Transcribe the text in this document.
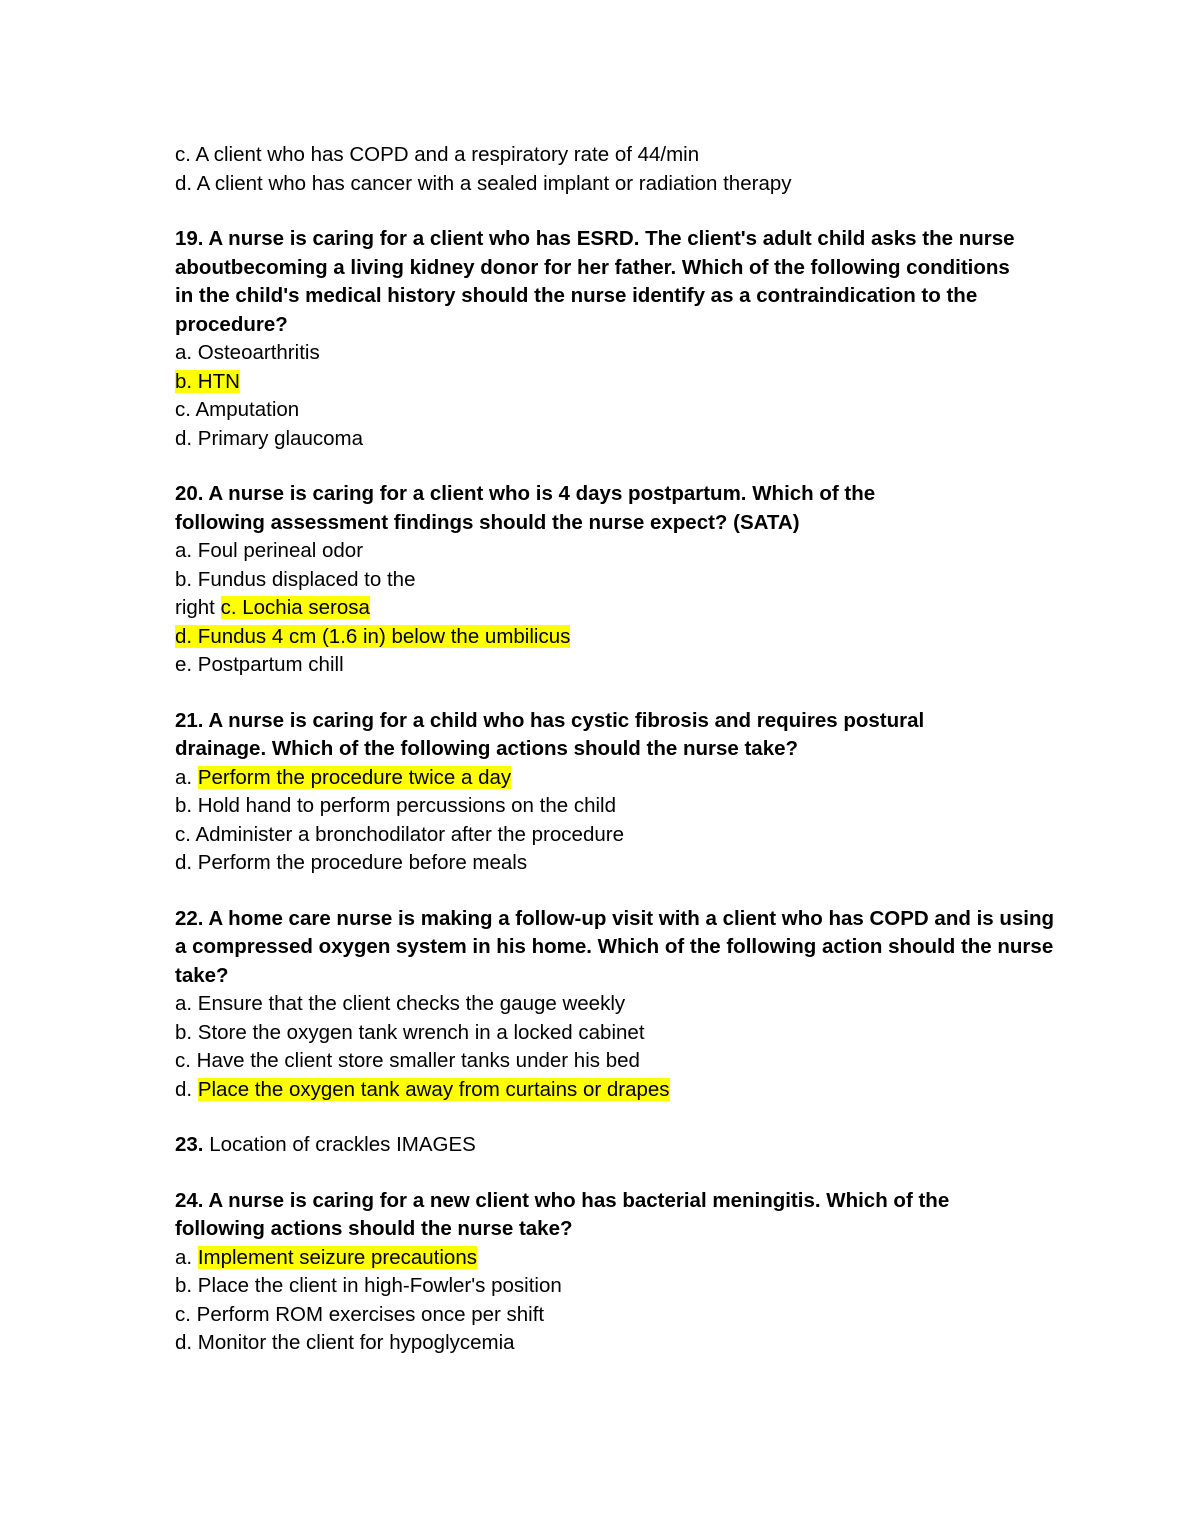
c. A client who has COPD and a respiratory rate of 44/min
d. A client who has cancer with a sealed implant or radiation therapy
19. A nurse is caring for a client who has ESRD. The client's adult child asks the nurse
aboutbecoming a living kidney donor for her father. Which of the following conditions
in the child's medical history should the nurse identify as a contraindication to the
procedure?
a. Osteoarthritis
b. HTN
c. Amputation
d. Primary glaucoma
20. A nurse is caring for a client who is 4 days postpartum. Which of the
following assessment findings should the nurse expect? (SATA)
a. Foul perineal odor
b. Fundus displaced to the
right c. Lochia serosa
d. Fundus 4 cm (1.6 in) below the umbilicus
e. Postpartum chill
21. A nurse is caring for a child who has cystic fibrosis and requires postural
drainage. Which of the following actions should the nurse take?
a. Perform the procedure twice a day
b. Hold hand to perform percussions on the child
c. Administer a bronchodilator after the procedure
d. Perform the procedure before meals
22. A home care nurse is making a follow-up visit with a client who has COPD and is using
a compressed oxygen system in his home. Which of the following action should the nurse
take?
a. Ensure that the client checks the gauge weekly
b. Store the oxygen tank wrench in a locked cabinet
c. Have the client store smaller tanks under his bed
d. Place the oxygen tank away from curtains or drapes
23. Location of crackles IMAGES
24. A nurse is caring for a new client who has bacterial meningitis. Which of the
following actions should the nurse take?
a. Implement seizure precautions
b. Place the client in high-Fowler's position
c. Perform ROM exercises once per shift
d. Monitor the client for hypoglycemia
